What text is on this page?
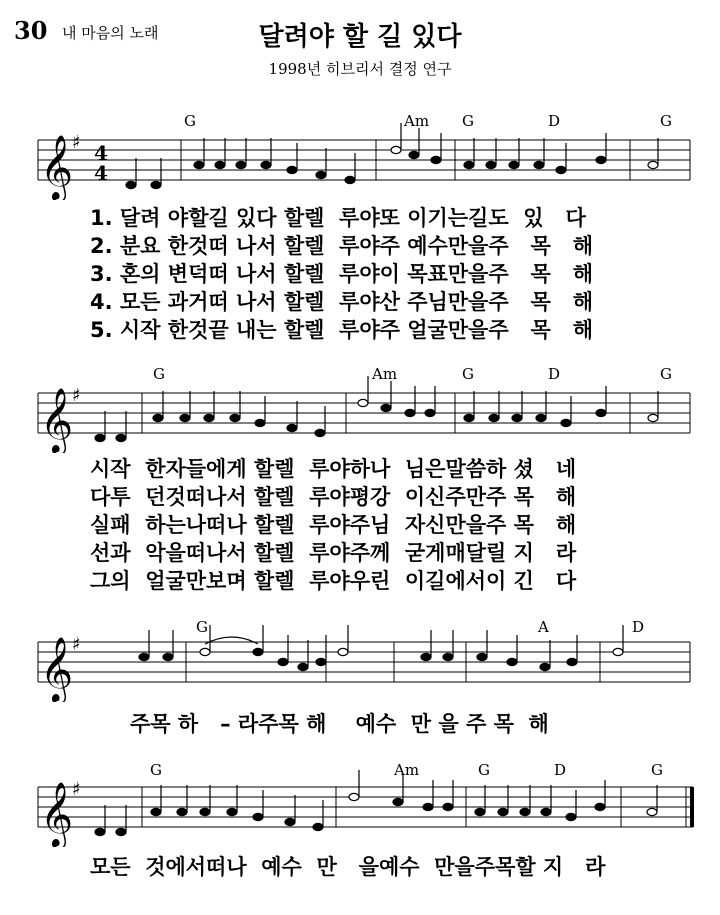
30 내 마음의 노래	달려야 할 길 있다
1998년 히브리서 결정 연구
𝄞
♯ 4
4
G	Am G	D	G
1. 달려 야할길 있다 할렐  루야또 이기는길도  있   다
2. 분요 한것떠 나서 할렐  루야주 예수만을주   목   해
3. 혼의 변덕떠 나서 할렐  루야이 목표만을주   목   해
4. 모든 과거떠 나서 할렐  루야산 주님만을주   목   해
5. 시작 한것끝 내는 할렐  루야주 얼굴만을주   목   해
𝄞
♯
G	Am	G	D	G
시작  한자들에게 할렐  루야하나  님은말씀하 셨   네
다투  던것떠나서 할렐  루야평강  이신주만주 목   해
실패  하는나떠나 할렐  루야주님  자신만을주 목   해
선과  악을떠나서 할렐  루야주께  굳게매달릴 지   라
그의  얼굴만보며 할렐  루야우린  이길에서이 긴   다
𝄞
♯
G	A	D
주목 하   – 라주목 해    예수  만 을 주 목  해
𝄞
♯
G	Am	G	D	G
모든  것에서떠나  예수  만   을예수  만을주목할 지   라
